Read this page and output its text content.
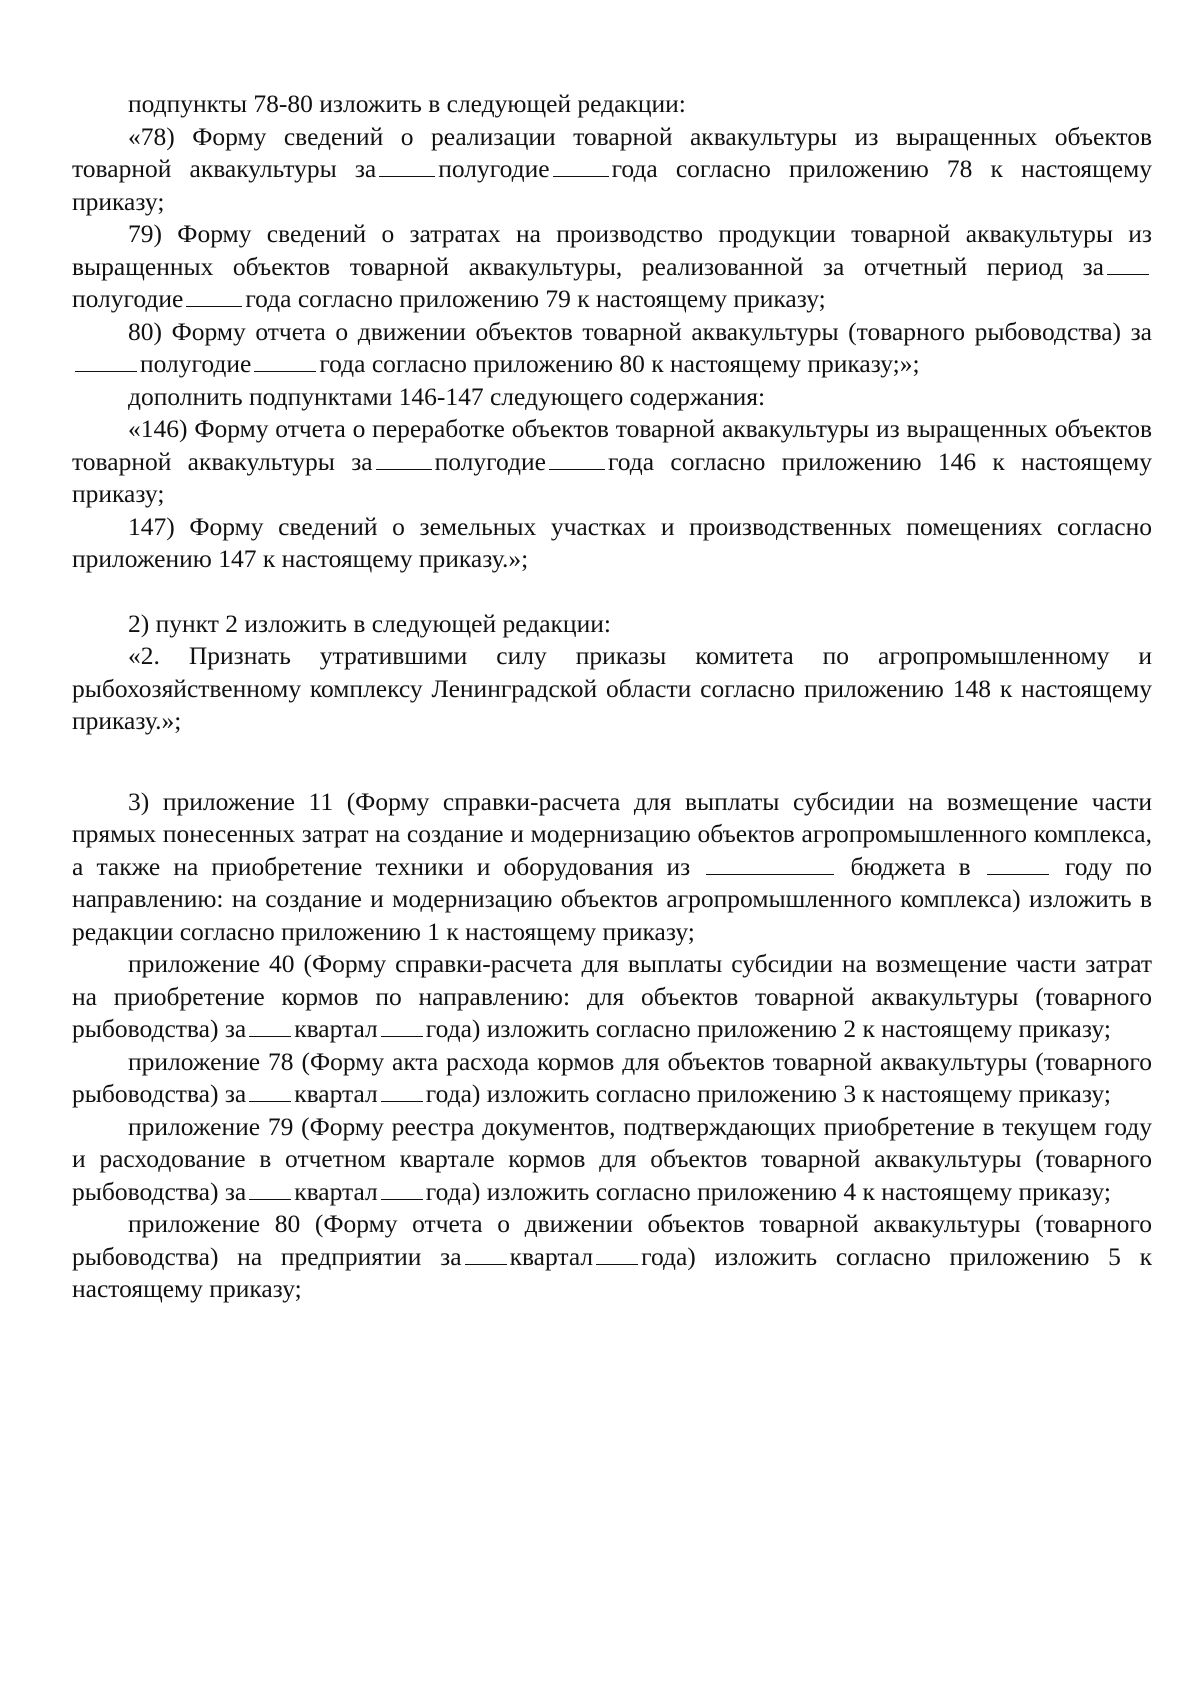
подпункты 78-80 изложить в следующей редакции:

«78) Форму сведений о реализации товарной аквакультуры из выращенных объектов товарной аквакультуры за полугодие года согласно приложению 78 к настоящему приказу;

79) Форму сведений о затратах на производство продукции товарной аквакультуры из выращенных объектов товарной аквакультуры, реализованной за отчетный период заполугодие года согласно приложению 79 к настоящему приказу;

80) Форму отчета о движении объектов товарной аквакультуры (товарного рыбоводства) заполугодие	года согласно приложению 80 к настоящему приказу;»;

дополнить подпунктами 146-147 следующего содержания:

«146) Форму отчета о переработке объектов товарной аквакультуры из выращенных объектов товарной аквакультуры за полугодие года согласно приложению 146 к настоящему приказу;

147) Форму сведений о земельных участках и производственных помещениях согласно приложению 147 к настоящему приказу.»;

2) пункт 2 изложить в следующей редакции:

«2. Признать утратившими силу приказы комитета по агропромышленному и рыбохозяйственному комплексу Ленинградской области согласно приложению 148 к настоящему приказу.»;

3) приложение 11 (Форму справки-расчета для выплаты субсидии на возмещение части прямых понесенных затрат на создание и модернизацию объектов агропромышленного комплекса, а также на приобретение техники и оборудования из	бюджета в	году по направлению: на создание и модернизацию объектов агропромышленного комплекса) изложить в редакции согласно приложению 1 к настоящему приказу;

приложение 40 (Форму справки-расчета для выплаты субсидии на возмещение части затрат на приобретение кормов по направлению: для объектов товарной аквакультуры (товарного рыбоводства) за квартал года) изложить согласно приложению 2 к настоящему приказу;

приложение 78 (Форму акта расхода кормов для объектов товарной аквакультуры (товарного рыбоводства) за квартал года) изложить согласно приложению 3 к настоящему приказу;

приложение 79 (Форму реестра документов, подтверждающих приобретение в текущем году и расходование в отчетном квартале кормов для объектов товарной аквакультуры (товарного рыбоводства) за квартал года) изложить согласно приложению 4 к настоящему приказу;

приложение 80 (Форму отчета о движении объектов товарной аквакультуры (товарного рыбоводства) на предприятии за квартал года) изложить согласно приложению 5 к настоящему приказу;
